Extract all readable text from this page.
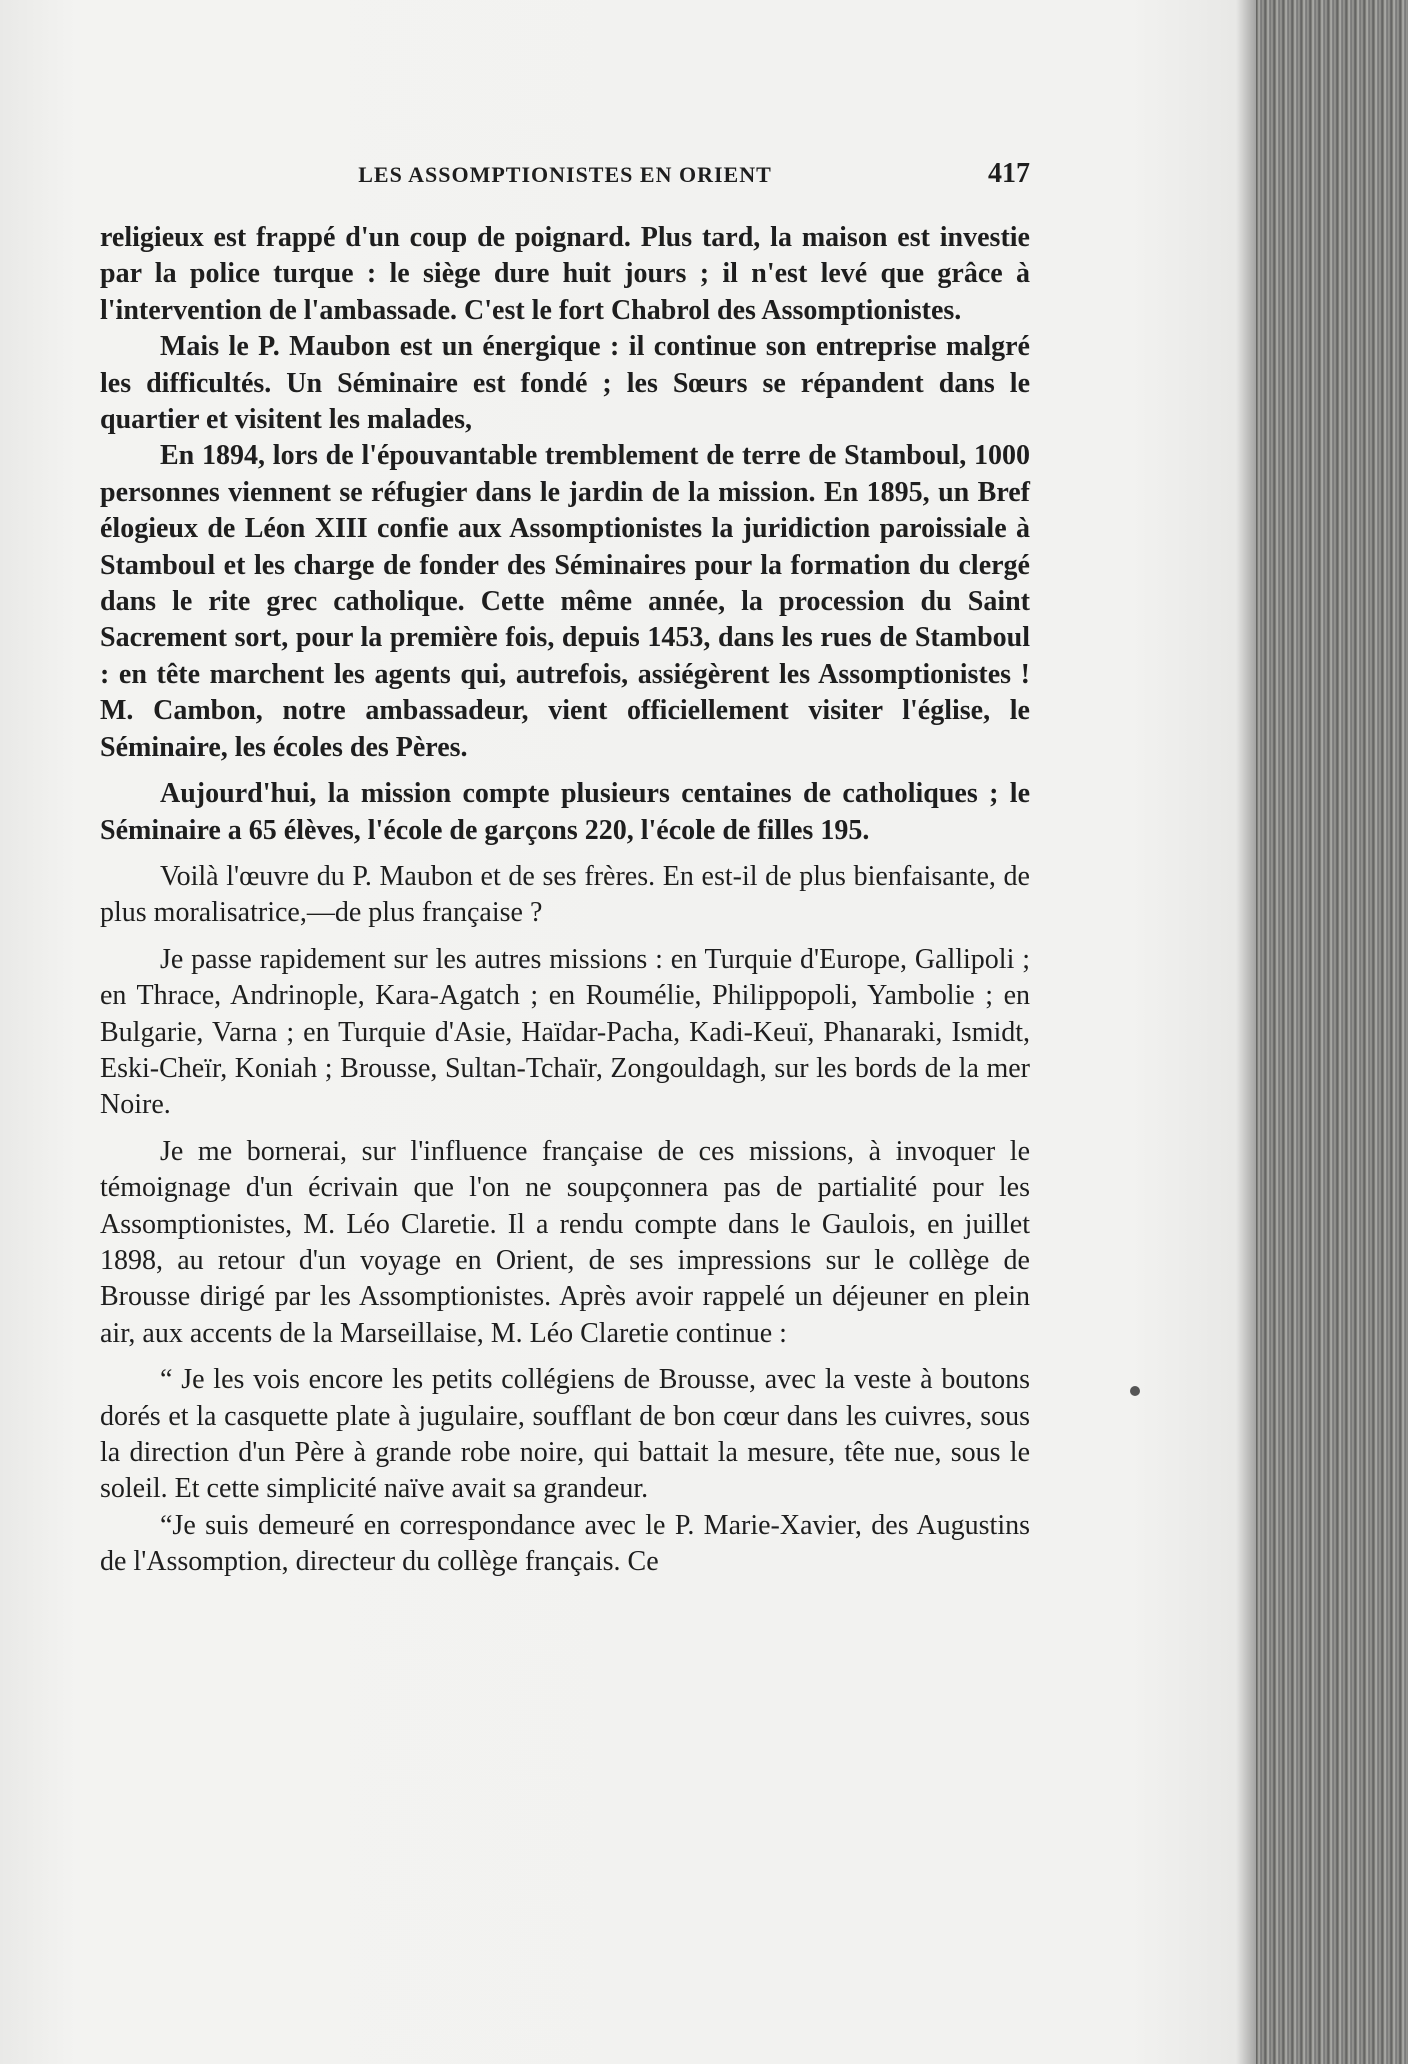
LES ASSOMPTIONISTES EN ORIENT	417

religieux est frappé d'un coup de poignard. Plus tard, la maison est investie par la police turque : le siège dure huit jours ; il n'est levé que grâce à l'intervention de l'ambassade. C'est le fort Chabrol des Assomptionistes.

Mais le P. Maubon est un énergique : il continue son entreprise malgré les difficultés. Un Séminaire est fondé ; les Sœurs se répandent dans le quartier et visitent les malades,

En 1894, lors de l'épouvantable tremblement de terre de Stamboul, 1000 personnes viennent se réfugier dans le jardin de la mission. En 1895, un Bref élogieux de Léon XIII confie aux Assomptionistes la juridiction paroissiale à Stamboul et les charge de fonder des Séminaires pour la formation du clergé dans le rite grec catholique. Cette même année, la procession du Saint Sacrement sort, pour la première fois, depuis 1453, dans les rues de Stamboul : en tête marchent les agents qui, autrefois, assiégèrent les Assomptionistes ! M. Cambon, notre ambassadeur, vient officiellement visiter l'église, le Séminaire, les écoles des Pères.

Aujourd'hui, la mission compte plusieurs centaines de catholiques ; le Séminaire a 65 élèves, l'école de garçons 220, l'école de filles 195.

Voilà l'œuvre du P. Maubon et de ses frères. En est-il de plus bienfaisante, de plus moralisatrice,—de plus française ?

Je passe rapidement sur les autres missions : en Turquie d'Europe, Gallipoli ; en Thrace, Andrinople, Kara-Agatch ; en Roumélie, Philippopoli, Yambolie ; en Bulgarie, Varna ; en Turquie d'Asie, Haïdar-Pacha, Kadi-Keuï, Phanaraki, Ismidt, Eski-Cheïr, Koniah ; Brousse, Sultan-Tchaïr, Zongouldagh, sur les bords de la mer Noire.

Je me bornerai, sur l'influence française de ces missions, à invoquer le témoignage d'un écrivain que l'on ne soupçonnera pas de partialité pour les Assomptionistes, M. Léo Claretie. Il a rendu compte dans le Gaulois, en juillet 1898, au retour d'un voyage en Orient, de ses impressions sur le collège de Brousse dirigé par les Assomptionistes. Après avoir rappelé un déjeuner en plein air, aux accents de la Marseillaise, M. Léo Claretie continue :

“ Je les vois encore les petits collégiens de Brousse, avec la veste à boutons dorés et la casquette plate à jugulaire, soufflant de bon cœur dans les cuivres, sous la direction d'un Père à grande robe noire, qui battait la mesure, tête nue, sous le soleil. Et cette simplicité naïve avait sa grandeur.

“Je suis demeuré en correspondance avec le P. Marie-Xavier, des Augustins de l'Assomption, directeur du collège français. Ce
